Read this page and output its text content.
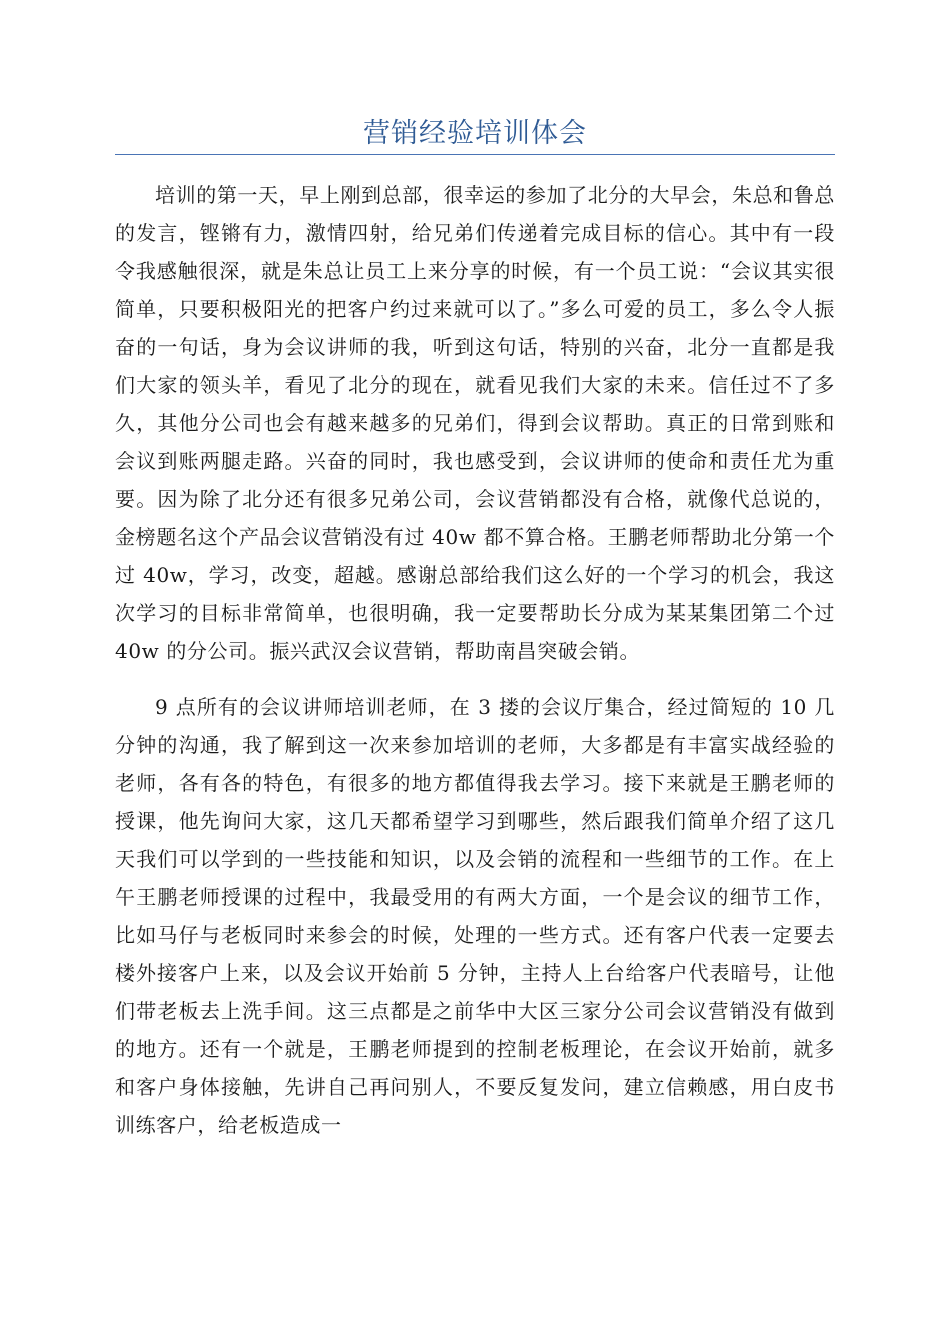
营销经验培训体会

培训的第一天，早上刚到总部，很幸运的参加了北分的大早会，朱总和鲁总的发言，铿锵有力，激情四射，给兄弟们传递着完成目标的信心。其中有一段令我感触很深，就是朱总让员工上来分享的时候，有一个员工说：“会议其实很简单，只要积极阳光的把客户约过来就可以了。”多么可爱的员工，多么令人振奋的一句话，身为会议讲师的我，听到这句话，特别的兴奋，北分一直都是我们大家的领头羊，看见了北分的现在，就看见我们大家的未来。信任过不了多久，其他分公司也会有越来越多的兄弟们，得到会议帮助。真正的日常到账和会议到账两腿走路。兴奋的同时，我也感受到，会议讲师的使命和责任尤为重要。因为除了北分还有很多兄弟公司，会议营销都没有合格，就像代总说的，金榜题名这个产品会议营销没有过 40w 都不算合格。王鹏老师帮助北分第一个过 40w，学习，改变，超越。感谢总部给我们这么好的一个学习的机会，我这次学习的目标非常简单，也很明确，我一定要帮助长分成为某某集团第二个过 40w 的分公司。振兴武汉会议营销，帮助南昌突破会销。

9 点所有的会议讲师培训老师，在 3 搂的会议厅集合，经过简短的 10 几分钟的沟通，我了解到这一次来参加培训的老师，大多都是有丰富实战经验的老师，各有各的特色，有很多的地方都值得我去学习。接下来就是王鹏老师的授课，他先询问大家，这几天都希望学习到哪些，然后跟我们简单介绍了这几天我们可以学到的一些技能和知识，以及会销的流程和一些细节的工作。在上午王鹏老师授课的过程中，我最受用的有两大方面，一个是会议的细节工作，比如马仔与老板同时来参会的时候，处理的一些方式。还有客户代表一定要去楼外接客户上来，以及会议开始前 5 分钟，主持人上台给客户代表暗号，让他们带老板去上洗手间。这三点都是之前华中大区三家分公司会议营销没有做到的地方。还有一个就是，王鹏老师提到的控制老板理论，在会议开始前，就多和客户身体接触，先讲自己再问别人，不要反复发问，建立信赖感，用白皮书训练客户，给老板造成一
